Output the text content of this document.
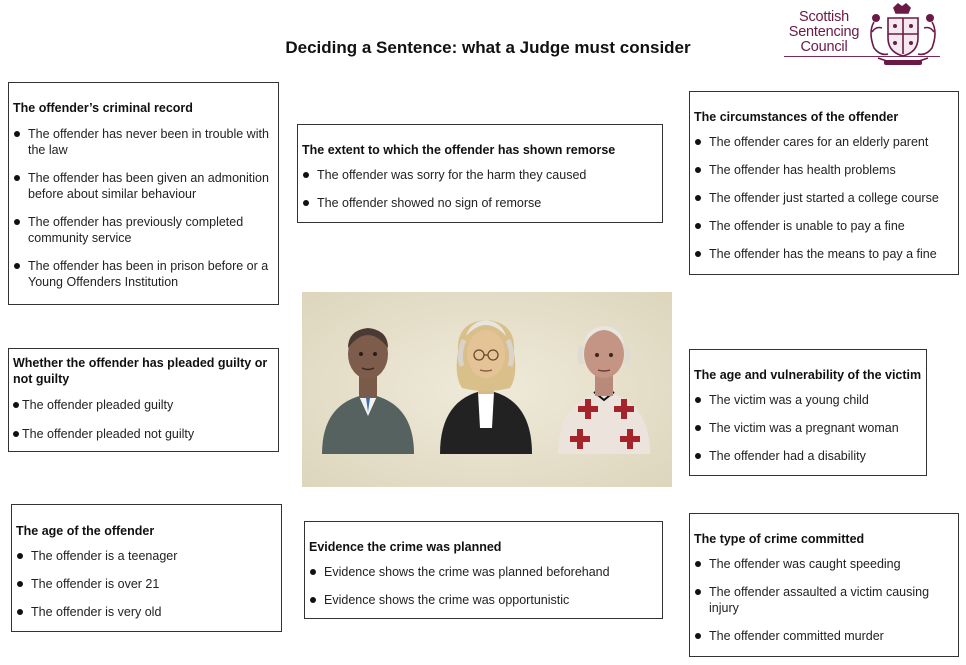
Deciding a Sentence: what a Judge must consider
Scottish
Sentencing
Council
The offender’s criminal record
The offender has never been in trouble with the law
The offender has been given an admonition before about similar behaviour
The offender has previously completed community service
The offender has been in prison before or a Young Offenders Institution
The extent to which the offender has shown remorse
The offender was sorry for the harm they caused
The offender showed no sign of remorse
The circumstances of the offender
The offender cares for an elderly parent
The offender has health problems
The offender just started a college course
The offender is unable to pay a fine
The offender has the means to pay a fine
Whether the offender has pleaded guilty or not guilty
The offender pleaded guilty
The offender pleaded not guilty
The age and vulnerability of the victim
The victim was a young child
The victim was a pregnant woman
The offender had a disability
The age of the offender
The offender is a teenager
The offender is over 21
The offender is very old
Evidence the crime was planned
Evidence shows the crime was planned beforehand
Evidence shows the crime was opportunistic
The type of crime committed
The offender was caught speeding
The offender assaulted a victim causing injury
The offender committed murder
